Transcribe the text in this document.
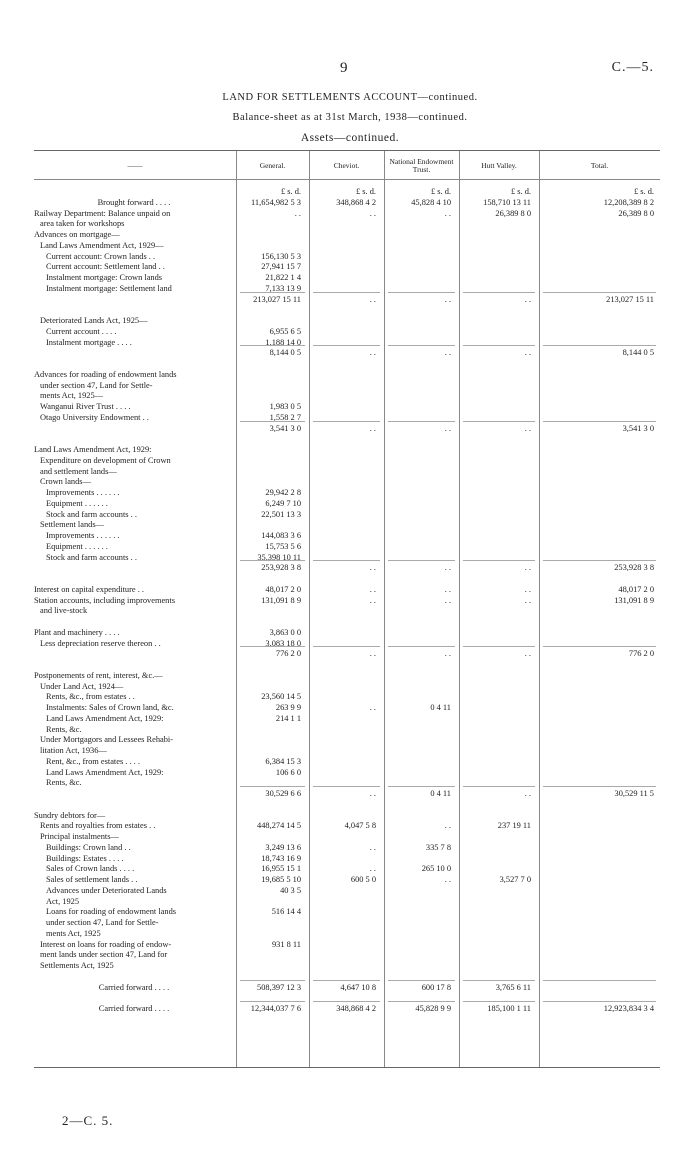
9	C.—5.
LAND FOR SETTLEMENTS ACCOUNT—continued.
Balance-sheet as at 31st March, 1938—continued.
Assets—continued.
——	General.	Cheviot.	National Endowment Trust.	Hutt Valley.	Total.
£ s. d.	£ s. d.	£ s. d.	£ s. d.	£ s. d.
Brought forward . . . .	11,654,982 5 3	348,868 4 2	45,828 4 10	158,710 13 11	12,208,389 8 2
Railway Department: Balance unpaid on	. .	. .	. .	26,389 8 0	26,389 8 0
area taken for workshops
Advances on mortgage—
Land Laws Amendment Act, 1929—
Current account: Crown lands . .	156,130 5 3
Current account: Settlement land . .	27,941 15 7
Instalment mortgage: Crown lands	21,822 1 4
Instalment mortgage: Settlement land	7,133 13 9
213,027 15 11	. .	. .	. .	213,027 15 11
Deteriorated Lands Act, 1925—
Current account . . . .	6,955 6 5
Instalment mortgage . . . .	1,188 14 0
8,144 0 5	. .	. .	. .	8,144 0 5
Advances for roading of endowment lands
under section 47, Land for Settle-
ments Act, 1925—
Wanganui River Trust . . . .	1,983 0 5
Otago University Endowment . .	1,558 2 7
3,541 3 0	. .	. .	. .	3,541 3 0
Land Laws Amendment Act, 1929:
Expenditure on development of Crown
and settlement lands—
Crown lands—
Improvements . . . . . .	29,942 2 8
Equipment . . . . . .	6,249 7 10
Stock and farm accounts . .	22,501 13 3
Settlement lands—
Improvements . . . . . .	144,083 3 6
Equipment . . . . . .	15,753 5 6
Stock and farm accounts . .	35,398 10 11
253,928 3 8	. .	. .	. .	253,928 3 8
Interest on capital expenditure . .	48,017 2 0	. .	. .	. .	48,017 2 0
Station accounts, including improvements	131,091 8 9	. .	. .	. .	131,091 8 9
and live-stock
Plant and machinery . . . .	3,863 0 0
Less depreciation reserve thereon . .	3,083 18 0
776 2 0	. .	. .	. .	776 2 0
Postponements of rent, interest, &c.—
Under Land Act, 1924—
Rents, &c., from estates . .	23,560 14 5
Instalments: Sales of Crown land, &c.	263 9 9	. .	0 4 11
Land Laws Amendment Act, 1929:	214 1 1
Rents, &c.
Under Mortgagors and Lessees Rehabi-
litation Act, 1936—
Rent, &c., from estates . . . .	6,384 15 3
Land Laws Amendment Act, 1929:	106 6 0
Rents, &c.
30,529 6 6	. .	0 4 11	. .	30,529 11 5
Sundry debtors for—
Rents and royalties from estates . .	448,274 14 5	4,047 5 8	. .	237 19 11
Principal instalments—
Buildings: Crown land . .	3,249 13 6	. .	335 7 8
Buildings: Estates . . . .	18,743 16 9
Sales of Crown lands . . . .	16,955 15 1	. .	265 10 0
Sales of settlement lands . .	19,685 5 10	600 5 0	. .	3,527 7 0
Advances under Deteriorated Lands	40 3 5
Act, 1925
Loans for roading of endowment lands	516 14 4
under section 47, Land for Settle-
ments Act, 1925
Interest on loans for roading of endow-	931 8 11
ment lands under section 47, Land for
Settlements Act, 1925
Carried forward . . . .	508,397 12 3	4,647 10 8	600 17 8	3,765 6 11
Carried forward . . . .	12,344,037 7 6	348,868 4 2	45,828 9 9	185,100 1 11	12,923,834 3 4
2—C. 5.
